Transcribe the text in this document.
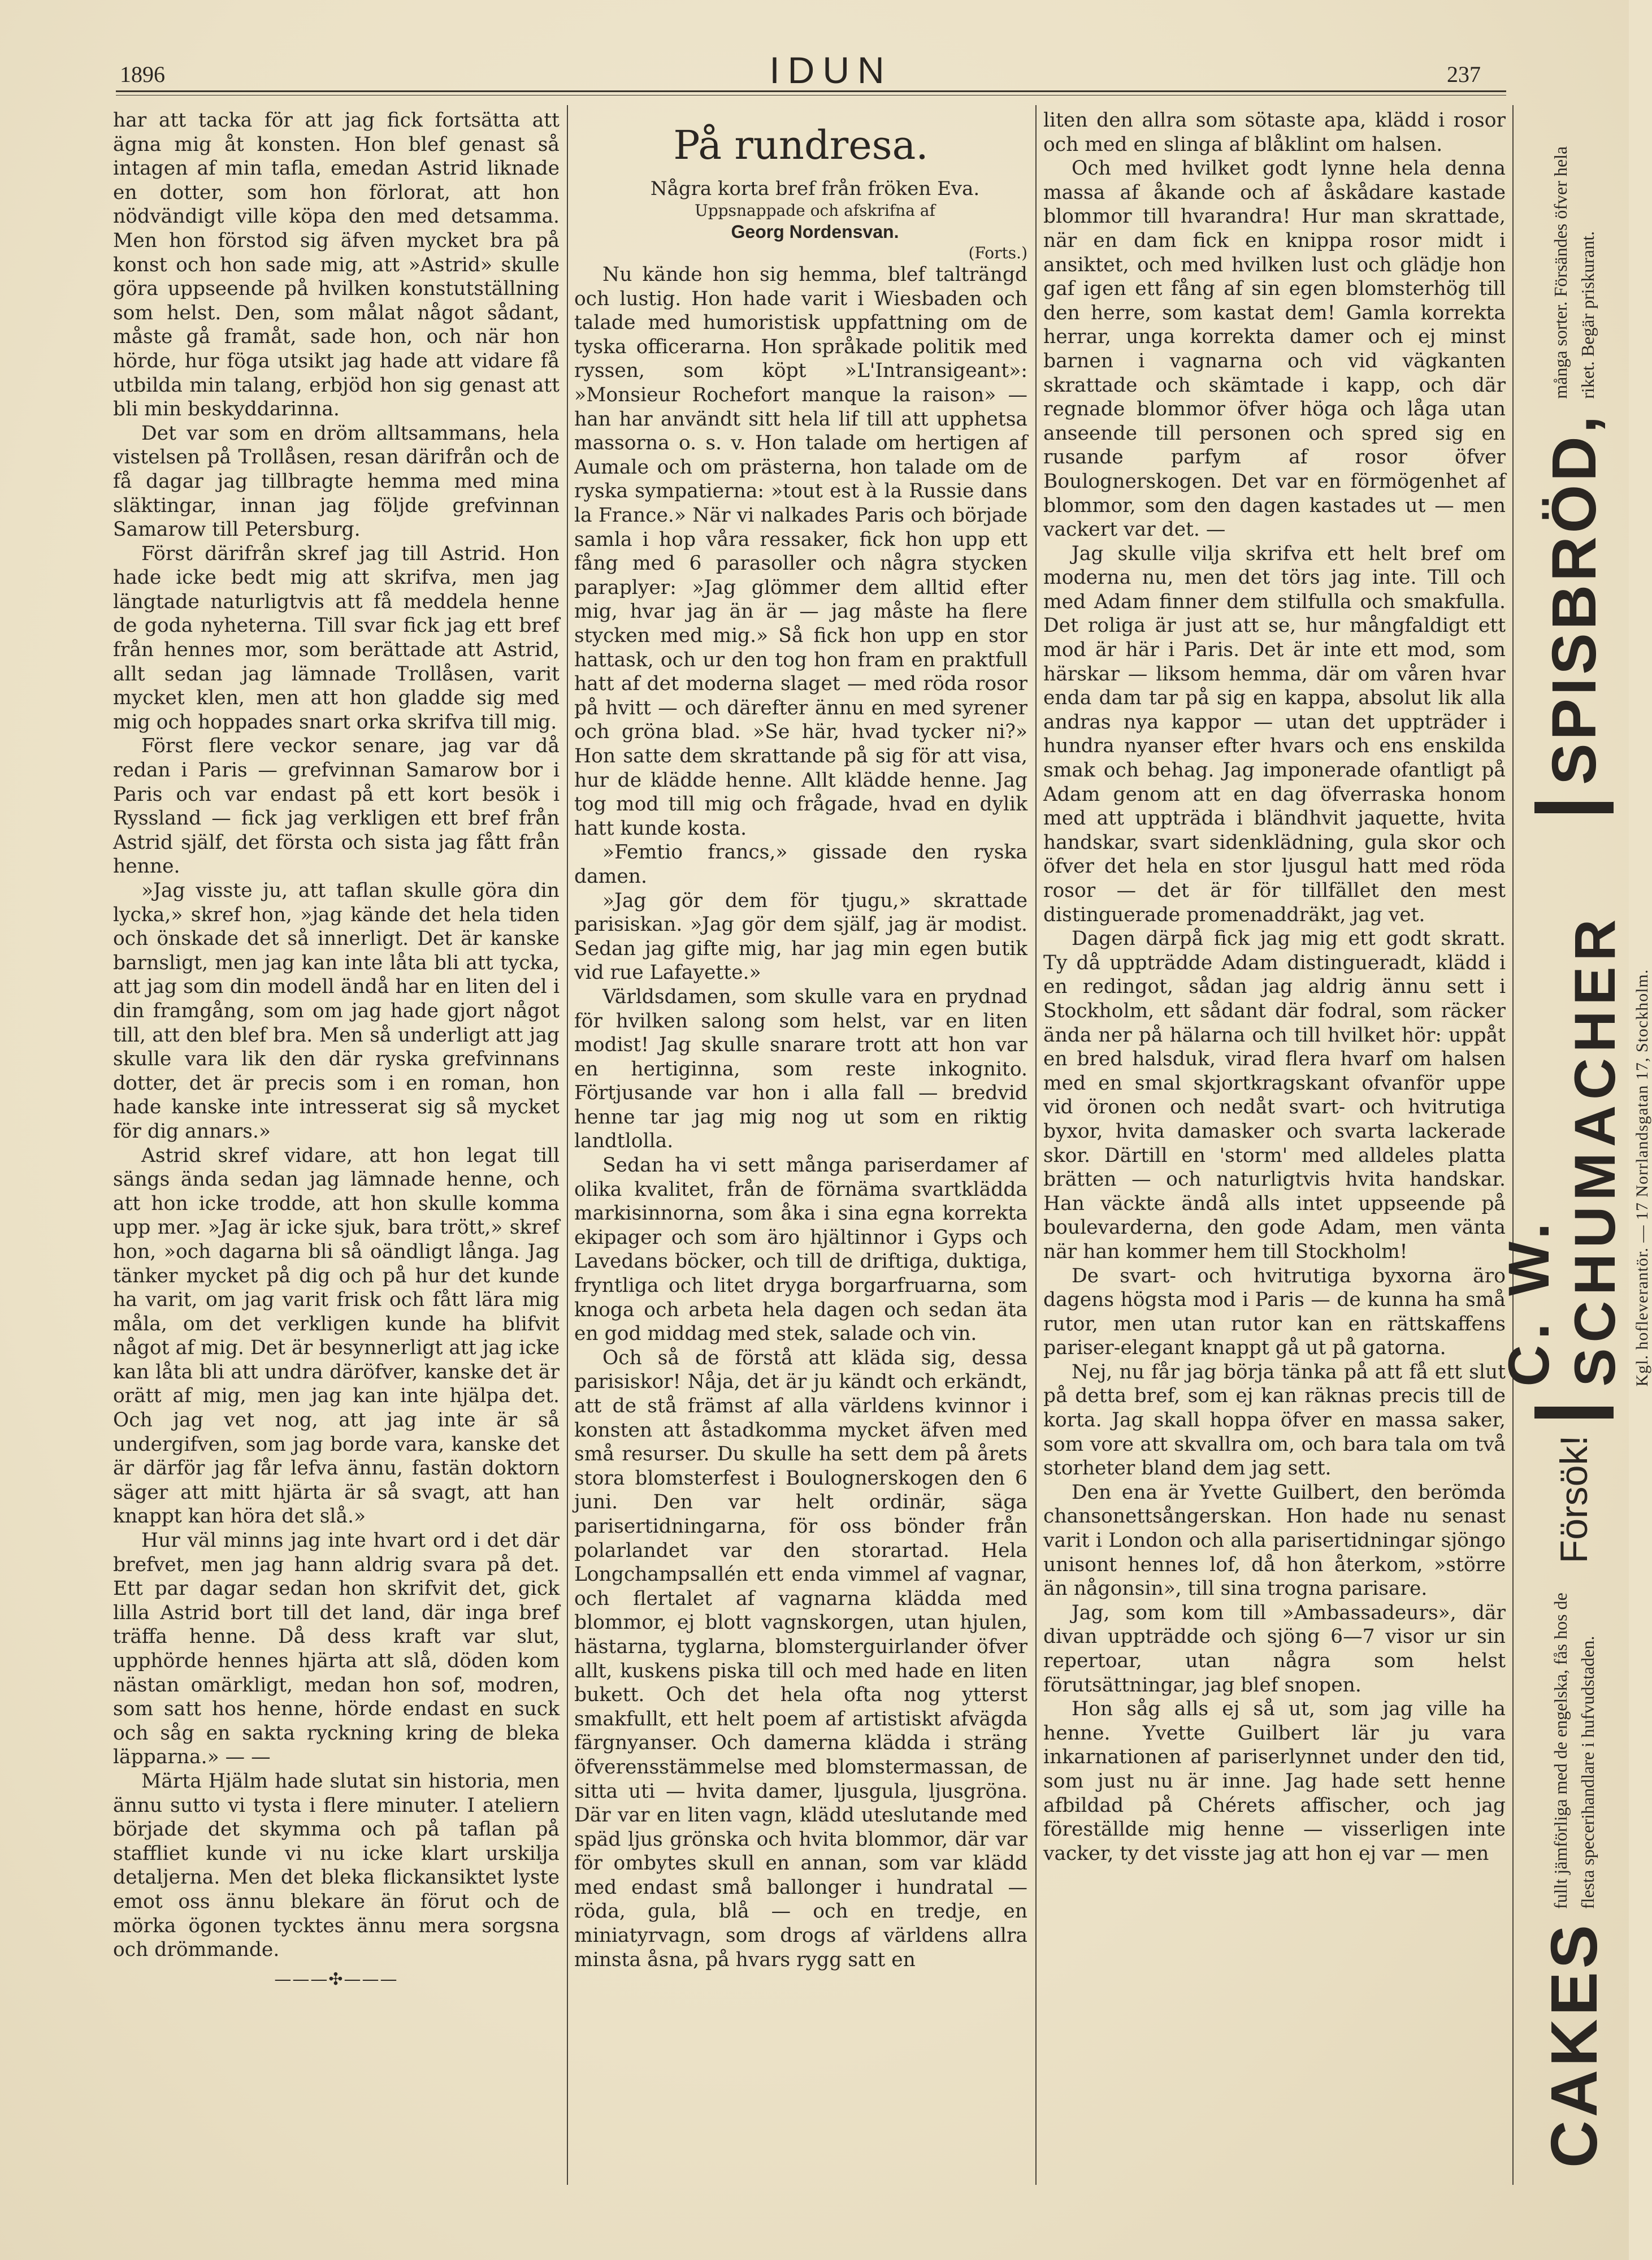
1896	IDUN	237

har att tacka för att jag fick fortsätta att ägna mig åt konsten. Hon blef genast så intagen af min tafla, emedan Astrid liknade en dotter, som hon förlorat, att hon nödvändigt ville köpa den med detsamma. Men hon förstod sig äfven mycket bra på konst och hon sade mig, att »Astrid» skulle göra uppseende på hvilken konstutställning som helst. Den, som målat något sådant, måste gå framåt, sade hon, och när hon hörde, hur föga utsikt jag hade att vidare få utbilda min talang, erbjöd hon sig genast att bli min beskyddarinna.

Det var som en dröm alltsammans, hela vistelsen på Trollåsen, resan därifrån och de få dagar jag tillbragte hemma med mina släktingar, innan jag följde grefvinnan Samarow till Petersburg.

Först därifrån skref jag till Astrid. Hon hade icke bedt mig att skrifva, men jag längtade naturligtvis att få meddela henne de goda nyheterna. Till svar fick jag ett bref från hennes mor, som berättade att Astrid, allt sedan jag lämnade Trollåsen, varit mycket klen, men att hon gladde sig med mig och hoppades snart orka skrifva till mig.

Först flere veckor senare, jag var då redan i Paris — grefvinnan Samarow bor i Paris och var endast på ett kort besök i Ryssland — fick jag verkligen ett bref från Astrid själf, det första och sista jag fått från henne.

»Jag visste ju, att taflan skulle göra din lycka,» skref hon, »jag kände det hela tiden och önskade det så innerligt. Det är kanske barnsligt, men jag kan inte låta bli att tycka, att jag som din modell ändå har en liten del i din framgång, som om jag hade gjort något till, att den blef bra. Men så underligt att jag skulle vara lik den där ryska grefvinnans dotter, det är precis som i en roman, hon hade kanske inte intresserat sig så mycket för dig annars.»

Astrid skref vidare, att hon legat till sängs ända sedan jag lämnade henne, och att hon icke trodde, att hon skulle komma upp mer. »Jag är icke sjuk, bara trött,» skref hon, »och dagarna bli så oändligt långa. Jag tänker mycket på dig och på hur det kunde ha varit, om jag varit frisk och fått lära mig måla, om det verkligen kunde ha blifvit något af mig. Det är besynnerligt att jag icke kan låta bli att undra däröfver, kanske det är orätt af mig, men jag kan inte hjälpa det. Och jag vet nog, att jag inte är så undergifven, som jag borde vara, kanske det är därför jag får lefva ännu, fastän doktorn säger att mitt hjärta är så svagt, att han knappt kan höra det slå.»

Hur väl minns jag inte hvart ord i det där brefvet, men jag hann aldrig svara på det. Ett par dagar sedan hon skrifvit det, gick lilla Astrid bort till det land, där inga bref träffa henne. Då dess kraft var slut, upphörde hennes hjärta att slå, döden kom nästan omärkligt, medan hon sof, modren, som satt hos henne, hörde endast en suck och såg en sakta ryckning kring de bleka läpparna.» — —

Märta Hjälm hade slutat sin historia, men ännu sutto vi tysta i flere minuter. I ateliern började det skymma och på taflan på staffliet kunde vi nu icke klart urskilja detaljerna. Men det bleka flickansiktet lyste emot oss ännu blekare än förut och de mörka ögonen tycktes ännu mera sorgsna och drömmande.

———✣———
På rundresa.

Några korta bref från fröken Eva.

Uppsnappade och afskrifna af

Georg Nordensvan.

(Forts.)

Nu kände hon sig hemma, blef talträngd och lustig. Hon hade varit i Wiesbaden och talade med humoristisk uppfattning om de tyska officerarna. Hon språkade politik med ryssen, som köpt »L'Intransigeant»: »Monsieur Rochefort manque la raison» — han har användt sitt hela lif till att upphetsa massorna o. s. v. Hon talade om hertigen af Aumale och om prästerna, hon talade om de ryska sympatierna: »tout est à la Russie dans la France.» När vi nalkades Paris och började samla i hop våra ressaker, fick hon upp ett fång med 6 parasoller och några stycken paraplyer: »Jag glömmer dem alltid efter mig, hvar jag än är — jag måste ha flere stycken med mig.» Så fick hon upp en stor hattask, och ur den tog hon fram en praktfull hatt af det moderna slaget — med röda rosor på hvitt — och därefter ännu en med syrener och gröna blad. »Se här, hvad tycker ni?» Hon satte dem skrattande på sig för att visa, hur de klädde henne. Allt klädde henne. Jag tog mod till mig och frågade, hvad en dylik hatt kunde kosta.

»Femtio francs,» gissade den ryska damen.

»Jag gör dem för tjugu,» skrattade parisiskan. »Jag gör dem själf, jag är modist. Sedan jag gifte mig, har jag min egen butik vid rue Lafayette.»

Världsdamen, som skulle vara en prydnad för hvilken salong som helst, var en liten modist! Jag skulle snarare trott att hon var en hertiginna, som reste inkognito. Förtjusande var hon i alla fall — bredvid henne tar jag mig nog ut som en riktig landtlolla.

Sedan ha vi sett många pariserdamer af olika kvalitet, från de förnäma svartklädda markisinnorna, som åka i sina egna korrekta ekipager och som äro hjältinnor i Gyps och Lavedans böcker, och till de driftiga, duktiga, fryntliga och litet dryga borgarfruarna, som knoga och arbeta hela dagen och sedan äta en god middag med stek, salade och vin.

Och så de förstå att kläda sig, dessa parisiskor! Nåja, det är ju kändt och erkändt, att de stå främst af alla världens kvinnor i konsten att åstadkomma mycket äfven med små resurser. Du skulle ha sett dem på årets stora blomsterfest i Boulognerskogen den 6 juni. Den var helt ordinär, säga parisertidningarna, för oss bönder från polarlandet var den storartad. Hela Longchampsallén ett enda vimmel af vagnar, och flertalet af vagnarna klädda med blommor, ej blott vagnskorgen, utan hjulen, hästarna, tyglarna, blomsterguirlander öfver allt, kuskens piska till och med hade en liten bukett. Och det hela ofta nog ytterst smakfullt, ett helt poem af artistiskt afvägda färgnyanser. Och damerna klädda i sträng öfverensstämmelse med blomstermassan, de sitta uti — hvita damer, ljusgula, ljusgröna. Där var en liten vagn, klädd uteslutande med späd ljus grönska och hvita blommor, där var för ombytes skull en annan, som var klädd med endast små ballonger i hundratal — röda, gula, blå — och en tredje, en miniatyrvagn, som drogs af världens allra minsta åsna, på hvars rygg satt en

liten den allra som sötaste apa, klädd i rosor och med en slinga af blåklint om halsen.

Och med hvilket godt lynne hela denna massa af åkande och af åskådare kastade blommor till hvarandra! Hur man skrattade, när en dam fick en knippa rosor midt i ansiktet, och med hvilken lust och glädje hon gaf igen ett fång af sin egen blomsterhög till den herre, som kastat dem! Gamla korrekta herrar, unga korrekta damer och ej minst barnen i vagnarna och vid vägkanten skrattade och skämtade i kapp, och där regnade blommor öfver höga och låga utan anseende till personen och spred sig en rusande parfym af rosor öfver Boulognerskogen. Det var en förmögenhet af blommor, som den dagen kastades ut — men vackert var det. —

Jag skulle vilja skrifva ett helt bref om moderna nu, men det törs jag inte. Till och med Adam finner dem stilfulla och smakfulla. Det roliga är just att se, hur mångfaldigt ett mod är här i Paris. Det är inte ett mod, som härskar — liksom hemma, där om våren hvar enda dam tar på sig en kappa, absolut lik alla andras nya kappor — utan det uppträder i hundra nyanser efter hvars och ens enskilda smak och behag. Jag imponerade ofantligt på Adam genom att en dag öfverraska honom med att uppträda i bländhvit jaquette, hvita handskar, svart sidenklädning, gula skor och öfver det hela en stor ljusgul hatt med röda rosor — det är för tillfället den mest distinguerade promenaddräkt, jag vet.

Dagen därpå fick jag mig ett godt skratt. Ty då uppträdde Adam distingueradt, klädd i en redingot, sådan jag aldrig ännu sett i Stockholm, ett sådant där fodral, som räcker ända ner på hälarna och till hvilket hör: uppåt en bred halsduk, virad flera hvarf om halsen med en smal skjortkragskant ofvanför uppe vid öronen och nedåt svart- och hvitrutiga byxor, hvita damasker och svarta lackerade skor. Därtill en 'storm' med alldeles platta brätten — och naturligtvis hvita handskar. Han väckte ändå alls intet uppseende på boulevarderna, den gode Adam, men vänta när han kommer hem till Stockholm!

De svart- och hvitrutiga byxorna äro dagens högsta mod i Paris — de kunna ha små rutor, men utan rutor kan en rättskaffens pariser-elegant knappt gå ut på gatorna.

Nej, nu får jag börja tänka på att få ett slut på detta bref, som ej kan räknas precis till de korta. Jag skall hoppa öfver en massa saker, som vore att skvallra om, och bara tala om två storheter bland dem jag sett.

Den ena är Yvette Guilbert, den berömda chansonettsångerskan. Hon hade nu senast varit i London och alla parisertidningar sjöngo unisont hennes lof, då hon återkom, »större än någonsin», till sina trogna parisare.

Jag, som kom till »Ambassadeurs», där divan uppträdde och sjöng 6—7 visor ur sin repertoar, utan några som helst förutsättningar, jag blef snopen.

Hon såg alls ej så ut, som jag ville ha henne. Yvette Guilbert lär ju vara inkarnationen af pariserlynnet under den tid, som just nu är inne. Jag hade sett henne afbildad på Chérets affischer, och jag föreställde mig henne — visserligen inte vacker, ty det visste jag att hon ej var — men

CAKES
fullt jämförliga med de engelska, fås hos de flesta specerihandlare i hufvudstaden.
Försök!
C. W. SCHUMACHER Kgl. hofleverantör. — 17 Norrlandsgatan 17, Stockholm.
SPISBRÖD,
många sorter. Försändes öfver hela riket. Begär priskurant.
